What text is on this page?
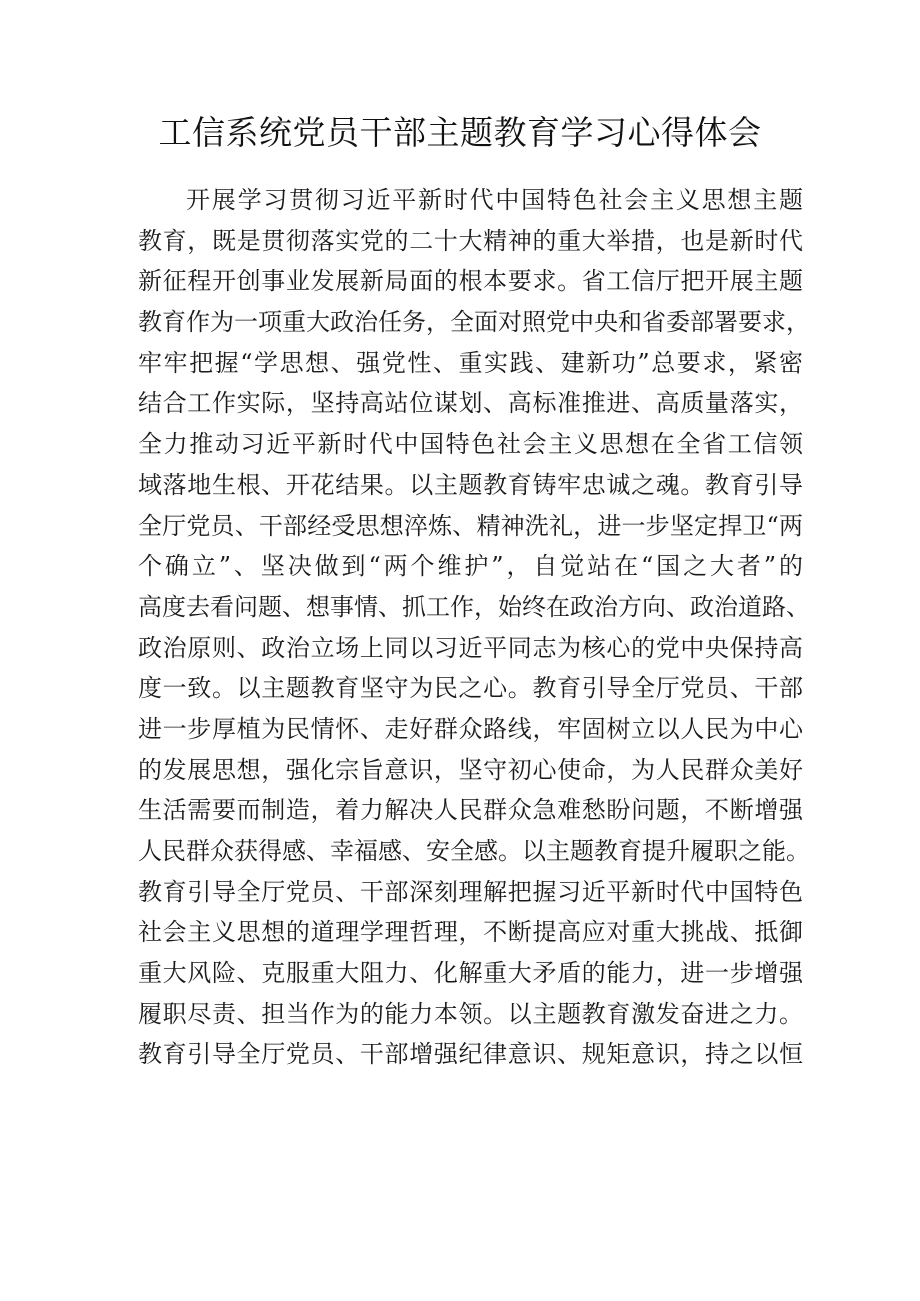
工信系统党员干部主题教育学习心得体会
开展学习贯彻习近平新时代中国特色社会主义思想主题
教育，既是贯彻落实党的二十大精神的重大举措，也是新时代
新征程开创事业发展新局面的根本要求。省工信厅把开展主题
教育作为一项重大政治任务，全面对照党中央和省委部署要求，
牢牢把握“学思想、强党性、重实践、建新功”总要求，紧密
结合工作实际，坚持高站位谋划、高标准推进、高质量落实，
全力推动习近平新时代中国特色社会主义思想在全省工信领
域落地生根、开花结果。以主题教育铸牢忠诚之魂。教育引导
全厅党员、干部经受思想淬炼、精神洗礼，进一步坚定捍卫“两
个确立”、坚决做到“两个维护”，自觉站在“国之大者”的
高度去看问题、想事情、抓工作，始终在政治方向、政治道路、
政治原则、政治立场上同以习近平同志为核心的党中央保持高
度一致。以主题教育坚守为民之心。教育引导全厅党员、干部
进一步厚植为民情怀、走好群众路线，牢固树立以人民为中心
的发展思想，强化宗旨意识，坚守初心使命，为人民群众美好
生活需要而制造，着力解决人民群众急难愁盼问题，不断增强
人民群众获得感、幸福感、安全感。以主题教育提升履职之能。
教育引导全厅党员、干部深刻理解把握习近平新时代中国特色
社会主义思想的道理学理哲理，不断提高应对重大挑战、抵御
重大风险、克服重大阻力、化解重大矛盾的能力，进一步增强
履职尽责、担当作为的能力本领。以主题教育激发奋进之力。
教育引导全厅党员、干部增强纪律意识、规矩意识，持之以恒
